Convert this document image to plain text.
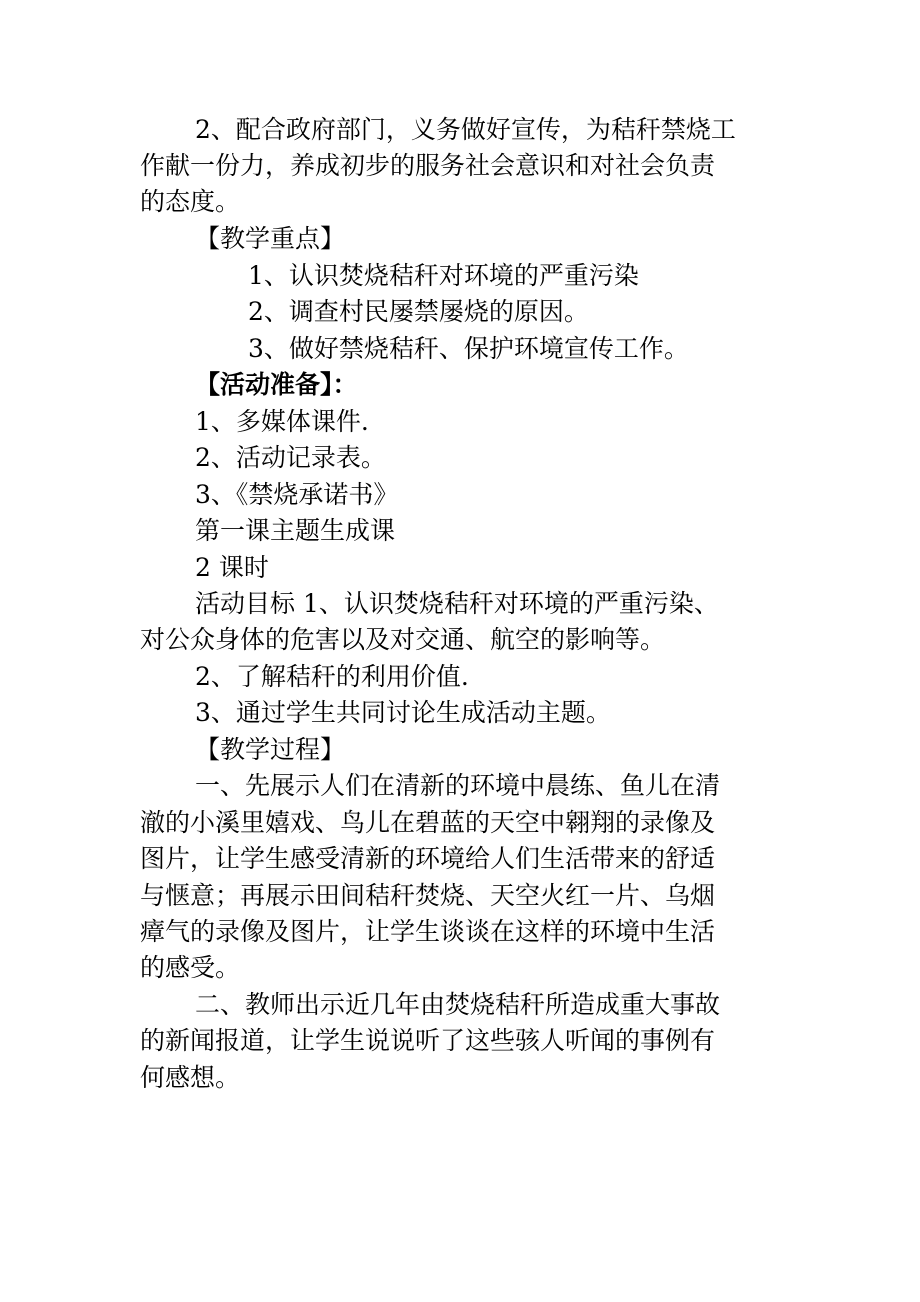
2、配合政府部门，义务做好宣传，为秸秆禁烧工
作献一份力，养成初步的服务社会意识和对社会负责
的态度。
【教学重点】
1、认识焚烧秸秆对环境的严重污染
2、调查村民屡禁屡烧的原因。
3、做好禁烧秸秆、保护环境宣传工作。
【活动准备】：
1、多媒体课件.
2、活动记录表。
3、《禁烧承诺书》
第一课主题生成课
2 课时
活动目标 1、认识焚烧秸秆对环境的严重污染、
对公众身体的危害以及对交通、航空的影响等。
2、了解秸秆的利用价值.
3、通过学生共同讨论生成活动主题。
【教学过程】
一、先展示人们在清新的环境中晨练、鱼儿在清
澈的小溪里嬉戏、鸟儿在碧蓝的天空中翱翔的录像及
图片，让学生感受清新的环境给人们生活带来的舒适
与惬意；再展示田间秸秆焚烧、天空火红一片、乌烟
瘴气的录像及图片，让学生谈谈在这样的环境中生活
的感受。
二、教师出示近几年由焚烧秸秆所造成重大事故
的新闻报道，让学生说说听了这些骇人听闻的事例有
何感想。
